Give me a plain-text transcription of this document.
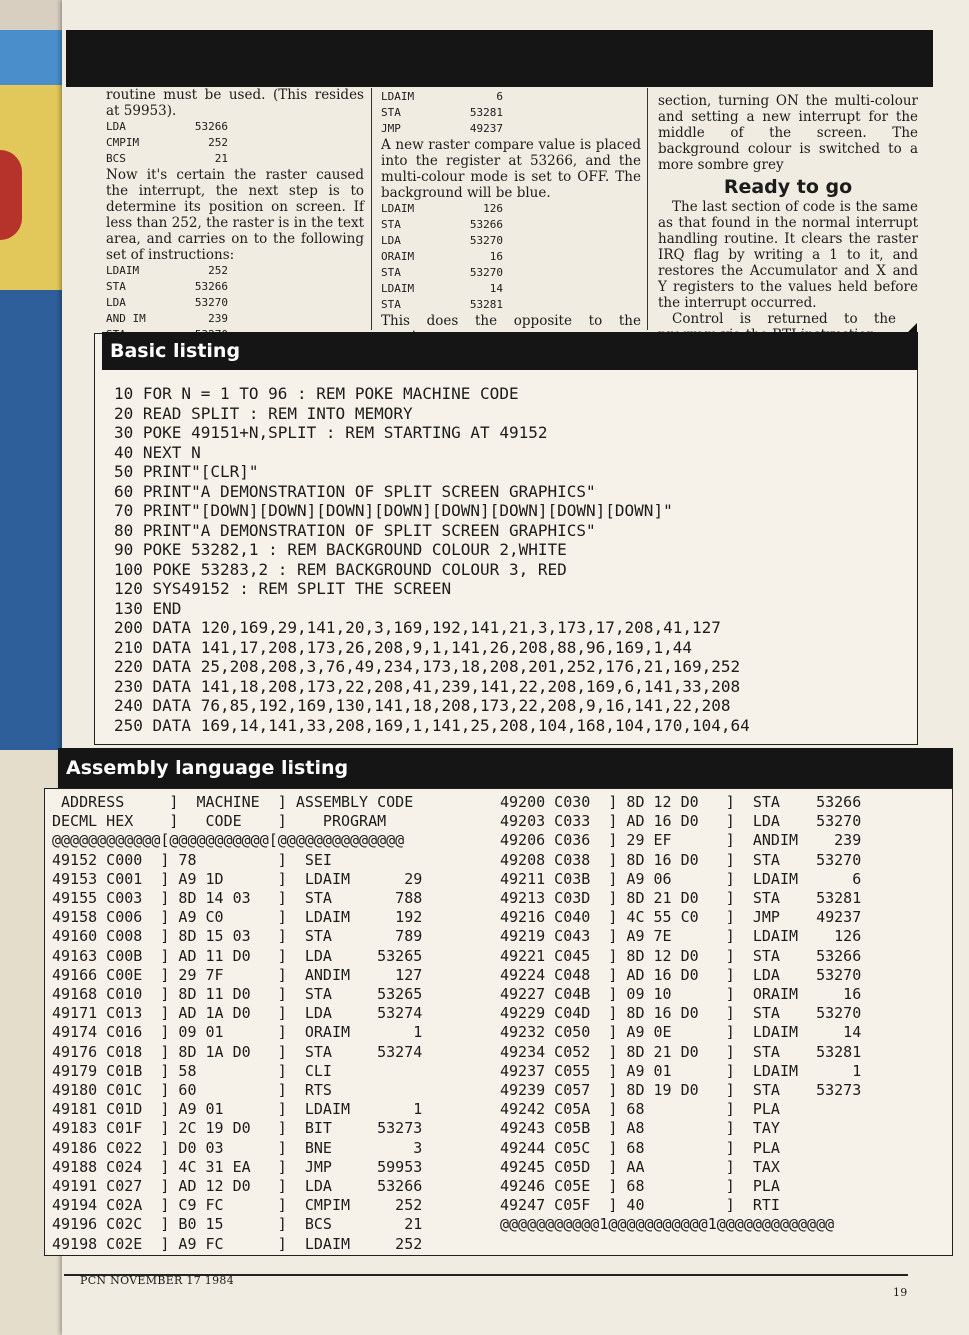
routine must be used. (This resides at 59953).

LDA	53266
CMPIM	252
BCS	21

Now it's certain the raster caused the interrupt, the next step is to determine its position on screen. If less than 252, the raster is in the text area, and carries on to the following set of instructions:

LDAIM	252
STA	53266
LDA	53270
AND IM	239
LDAIM	6
STA	53281
JMP	49237

A new raster compare value is placed into the register at 53266, and the multi-colour mode is set to OFF. The background will be blue.

LDAIM	126
STA	53266
LDA	53270
ORAIM	16
STA	53270
LDAIM	14
STA	53281

This does the opposite to the

section, turning ON the multi-colour and setting a new interrupt for the middle of the screen. The background colour is switched to a more sombre grey

Ready to go

The last section of code is the same as that found in the normal interrupt handling routine. It clears the raster IRQ flag by writing a 1 to it, and restores the Accumulator and X and Y registers to the values held before the interrupt occurred.

Control is returned to the

Basic listing
10 FOR N = 1 TO 96 : REM POKE MACHINE CODE
20 READ SPLIT : REM INTO MEMORY
30 POKE 49151+N,SPLIT : REM STARTING AT 49152
40 NEXT N
50 PRINT"[CLR]"
60 PRINT"A DEMONSTRATION OF SPLIT SCREEN GRAPHICS"
70 PRINT"[DOWN][DOWN][DOWN][DOWN][DOWN][DOWN][DOWN][DOWN]"
80 PRINT"A DEMONSTRATION OF SPLIT SCREEN GRAPHICS"
90 POKE 53282,1 : REM BACKGROUND COLOUR 2,WHITE
100 POKE 53283,2 : REM BACKGROUND COLOUR 3, RED
120 SYS49152 : REM SPLIT THE SCREEN
130 END
200 DATA 120,169,29,141,20,3,169,192,141,21,3,173,17,208,41,127
210 DATA 141,17,208,173,26,208,9,1,141,26,208,88,96,169,1,44
220 DATA 25,208,208,3,76,49,234,173,18,208,201,252,176,21,169,252
230 DATA 141,18,208,173,22,208,41,239,141,22,208,169,6,141,33,208
240 DATA 76,85,192,169,130,141,18,208,173,22,208,9,16,141,22,208
250 DATA 169,14,141,33,208,169,1,141,25,208,104,168,104,170,104,64
Assembly language listing
ADDRESS     ]  MACHINE  ] ASSEMBLY CODE
DECML HEX    ]   CODE    ]    PROGRAM
@@@@@@@@@@@@[@@@@@@@@@@@[@@@@@@@@@@@@@@
49152 C000  ] 78         ]  SEI
49153 C001  ] A9 1D      ]  LDAIM      29
49155 C003  ] 8D 14 03   ]  STA       788
49158 C006  ] A9 C0      ]  LDAIM     192
49160 C008  ] 8D 15 03   ]  STA       789
49163 C00B  ] AD 11 D0   ]  LDA     53265
49166 C00E  ] 29 7F      ]  ANDIM     127
49168 C010  ] 8D 11 D0   ]  STA     53265
49171 C013  ] AD 1A D0   ]  LDA     53274
49174 C016  ] 09 01      ]  ORAIM       1
49176 C018  ] 8D 1A D0   ]  STA     53274
49179 C01B  ] 58         ]  CLI
49180 C01C  ] 60         ]  RTS
49181 C01D  ] A9 01      ]  LDAIM       1
49183 C01F  ] 2C 19 D0   ]  BIT     53273
49186 C022  ] D0 03      ]  BNE         3
49188 C024  ] 4C 31 EA   ]  JMP     59953
49191 C027  ] AD 12 D0   ]  LDA     53266
49194 C02A  ] C9 FC      ]  CMPIM     252
49196 C02C  ] B0 15      ]  BCS        21
49198 C02E  ] A9 FC      ]  LDAIM     252
49200 C030  ] 8D 12 D0   ]  STA    53266
49203 C033  ] AD 16 D0   ]  LDA    53270
49206 C036  ] 29 EF      ]  ANDIM    239
49208 C038  ] 8D 16 D0   ]  STA    53270
49211 C03B  ] A9 06      ]  LDAIM      6
49213 C03D  ] 8D 21 D0   ]  STA    53281
49216 C040  ] 4C 55 C0   ]  JMP    49237
49219 C043  ] A9 7E      ]  LDAIM    126
49221 C045  ] 8D 12 D0   ]  STA    53266
49224 C048  ] AD 16 D0   ]  LDA    53270
49227 C04B  ] 09 10      ]  ORAIM     16
49229 C04D  ] 8D 16 D0   ]  STA    53270
49232 C050  ] A9 0E      ]  LDAIM     14
49234 C052  ] 8D 21 D0   ]  STA    53281
49237 C055  ] A9 01      ]  LDAIM      1
49239 C057  ] 8D 19 D0   ]  STA    53273
49242 C05A  ] 68         ]  PLA
49243 C05B  ] A8         ]  TAY
49244 C05C  ] 68         ]  PLA
49245 C05D  ] AA         ]  TAX
49246 C05E  ] 68         ]  PLA
49247 C05F  ] 40         ]  RTI
@@@@@@@@@@@1@@@@@@@@@@@1@@@@@@@@@@@@@
PCN NOVEMBER 17 1984
19
